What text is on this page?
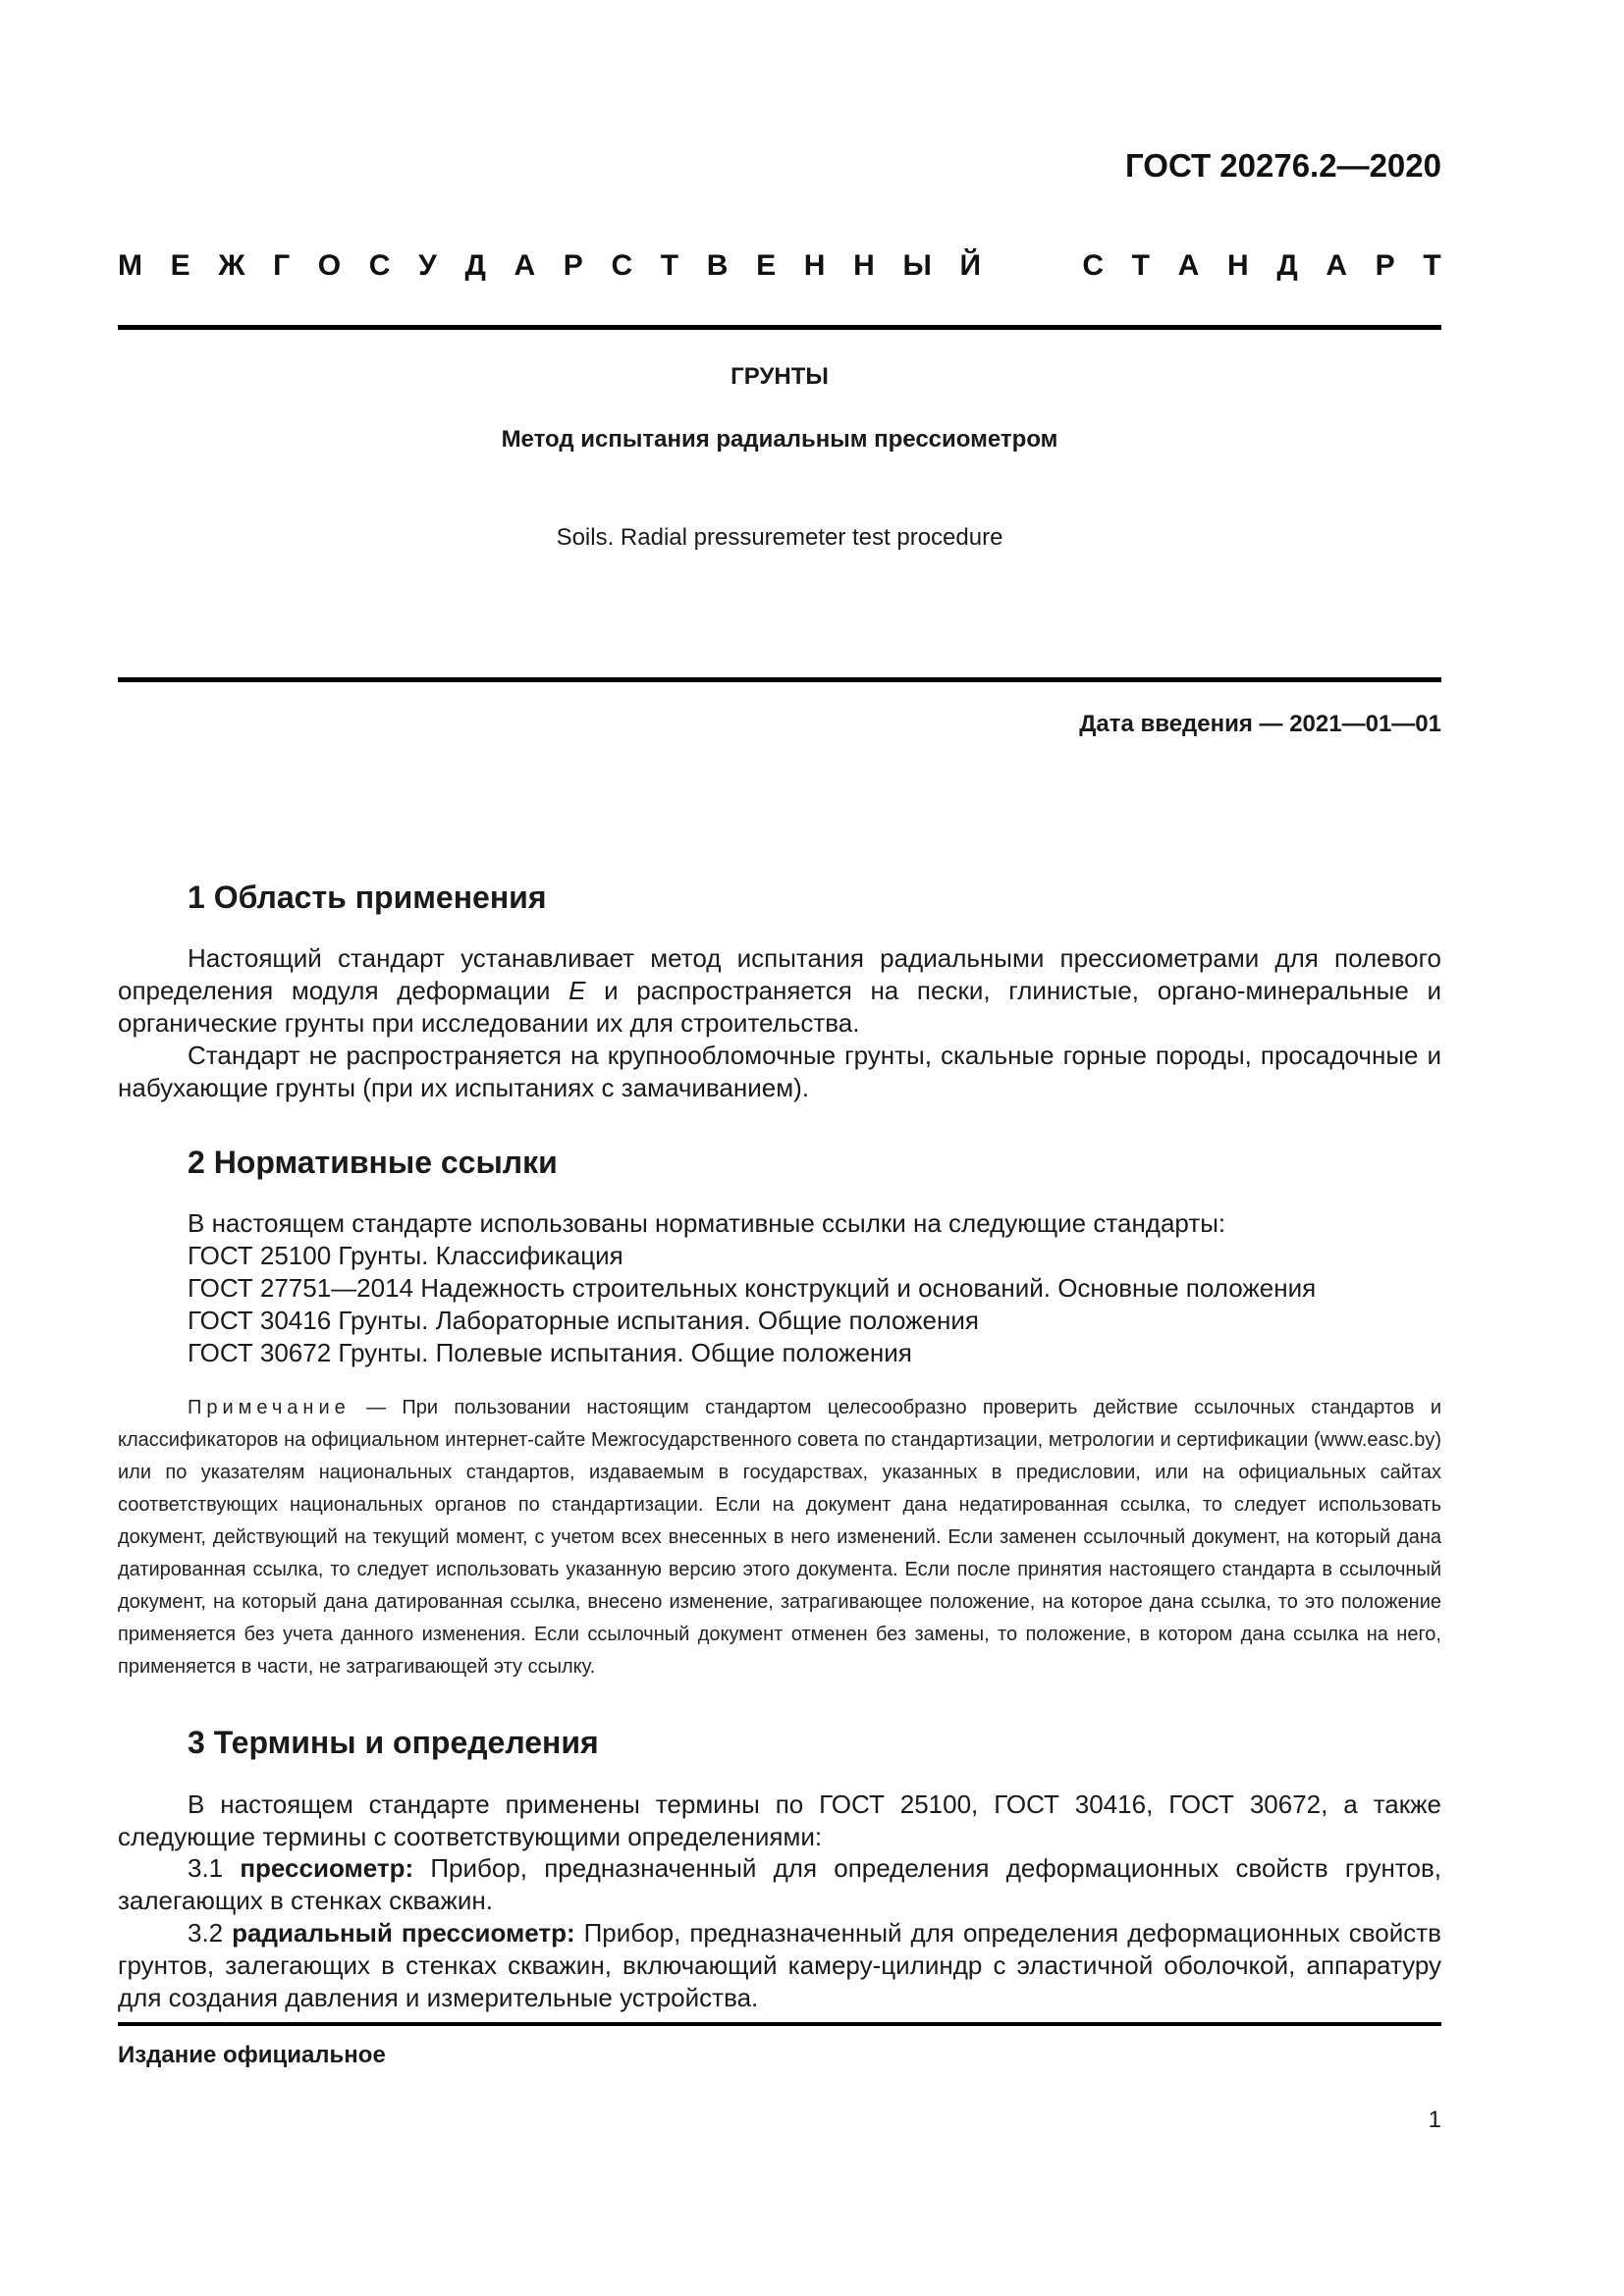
ГОСТ 20276.2—2020
М Е Ж Г О С У Д А Р С Т В Е Н Н Ы Й	С Т А Н Д А Р Т
ГРУНТЫ
Метод испытания радиальным прессиометром
Soils. Radial pressuremeter test procedure
Дата введения — 2021—01—01
1 Область применения

Настоящий стандарт устанавливает метод испытания радиальными прессиометрами для полевого определения модуля деформации E и распространяется на пески, глинистые, органо-минеральные и органические грунты при исследовании их для строительства.

Стандарт не распространяется на крупнообломочные грунты, скальные горные породы, просадочные и набухающие грунты (при их испытаниях с замачиванием).

2 Нормативные ссылки
В настоящем стандарте использованы нормативные ссылки на следующие стандарты:
ГОСТ 25100 Грунты. Классификация
ГОСТ 27751—2014 Надежность строительных конструкций и оснований. Основные положения
ГОСТ 30416 Грунты. Лабораторные испытания. Общие положения
ГОСТ 30672 Грунты. Полевые испытания. Общие положения

Примечание — При пользовании настоящим стандартом целесообразно проверить действие ссылочных стандартов и классификаторов на официальном интернет-сайте Межгосударственного совета по стандартизации, метрологии и сертификации (www.easc.by) или по указателям национальных стандартов, издаваемым в государствах, указанных в предисловии, или на официальных сайтах соответствующих национальных органов по стандартизации. Если на документ дана недатированная ссылка, то следует использовать документ, действующий на текущий момент, с учетом всех внесенных в него изменений. Если заменен ссылочный документ, на который дана датированная ссылка, то следует использовать указанную версию этого документа. Если после принятия настоящего стандарта в ссылочный документ, на который дана датированная ссылка, внесено изменение, затрагивающее положение, на которое дана ссылка, то это положение применяется без учета данного изменения. Если ссылочный документ отменен без замены, то положение, в котором дана ссылка на него, применяется в части, не затрагивающей эту ссылку.

3 Термины и определения

В настоящем стандарте применены термины по ГОСТ 25100, ГОСТ 30416, ГОСТ 30672, а также следующие термины с соответствующими определениями:

3.1 прессиометр: Прибор, предназначенный для определения деформационных свойств грунтов, залегающих в стенках скважин.

3.2 радиальный прессиометр: Прибор, предназначенный для определения деформационных свойств грунтов, залегающих в стенках скважин, включающий камеру-цилиндр с эластичной оболочкой, аппаратуру для создания давления и измерительные устройства.

Издание официальное
1
